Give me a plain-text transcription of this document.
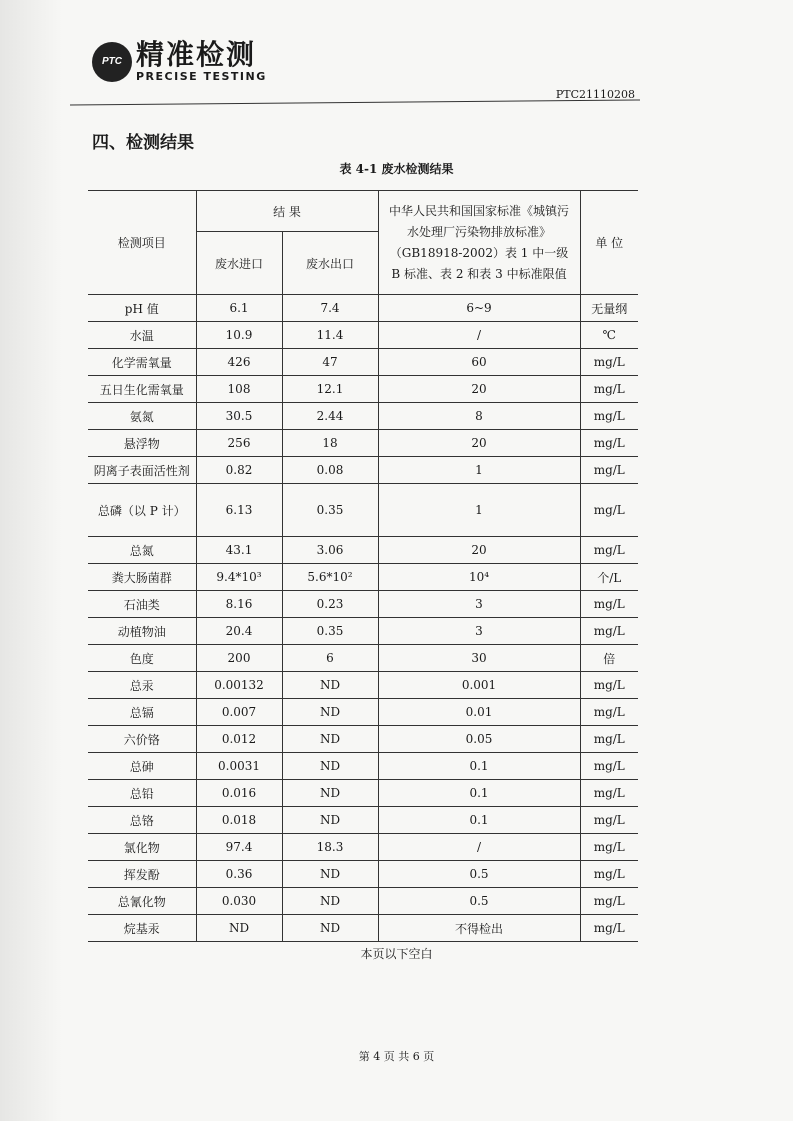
PTC 精准检测
PRECISE TESTING
PTC21110208
四、检测结果
表 4-1 废水检测结果
检测项目	结 果		中华人民共和国国家标准《城镇污水处理厂污染物排放标准》（GB18918-2002）表 1 中一级 B 标准、表 2 和表 3 中标准限值	单 位
	废水进口	废水出口		
pH 值	6.1	7.4	6~9	无量纲
水温	10.9	11.4	/	℃
化学需氧量	426	47	60	mg/L
五日生化需氧量	108	12.1	20	mg/L
氨氮	30.5	2.44	8	mg/L
悬浮物	256	18	20	mg/L
阴离子表面活性剂	0.82	0.08	1	mg/L
总磷（以 P 计）	6.13	0.35	1	mg/L
总氮	43.1	3.06	20	mg/L
粪大肠菌群	9.4*10³	5.6*10²	10⁴	个/L
石油类	8.16	0.23	3	mg/L
动植物油	20.4	0.35	3	mg/L
色度	200	6	30	倍
总汞	0.00132	ND	0.001	mg/L
总镉	0.007	ND	0.01	mg/L
六价铬	0.012	ND	0.05	mg/L
总砷	0.0031	ND	0.1	mg/L
总铅	0.016	ND	0.1	mg/L
总铬	0.018	ND	0.1	mg/L
氯化物	97.4	18.3	/	mg/L
挥发酚	0.36	ND	0.5	mg/L
总氰化物	0.030	ND	0.5	mg/L
烷基汞	ND	ND	不得检出	mg/L
本页以下空白
第 4 页 共 6 页
